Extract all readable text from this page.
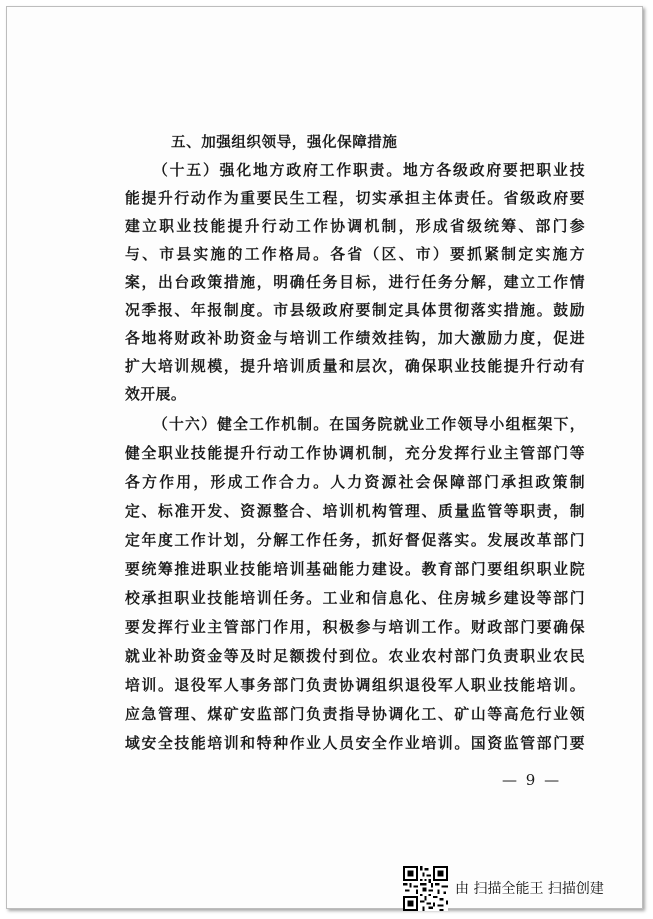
五、加强组织领导，强化保障措施
（十五）强化地方政府工作职责。地方各级政府要把职业技
能提升行动作为重要民生工程，切实承担主体责任。省级政府要
建立职业技能提升行动工作协调机制，形成省级统筹、部门参
与、市县实施的工作格局。各省（区、市）要抓紧制定实施方
案，出台政策措施，明确任务目标，进行任务分解，建立工作情
况季报、年报制度。市县级政府要制定具体贯彻落实措施。鼓励
各地将财政补助资金与培训工作绩效挂钩，加大激励力度，促进
扩大培训规模，提升培训质量和层次，确保职业技能提升行动有
效开展。
（十六）健全工作机制。在国务院就业工作领导小组框架下，
健全职业技能提升行动工作协调机制，充分发挥行业主管部门等
各方作用，形成工作合力。人力资源社会保障部门承担政策制
定、标准开发、资源整合、培训机构管理、质量监管等职责，制
定年度工作计划，分解工作任务，抓好督促落实。发展改革部门
要统筹推进职业技能培训基础能力建设。教育部门要组织职业院
校承担职业技能培训任务。工业和信息化、住房城乡建设等部门
要发挥行业主管部门作用，积极参与培训工作。财政部门要确保
就业补助资金等及时足额拨付到位。农业农村部门负责职业农民
培训。退役军人事务部门负责协调组织退役军人职业技能培训。
应急管理、煤矿安监部门负责指导协调化工、矿山等高危行业领
域安全技能培训和特种作业人员安全作业培训。国资监管部门要
— 9 —
由 扫描全能王 扫描创建
